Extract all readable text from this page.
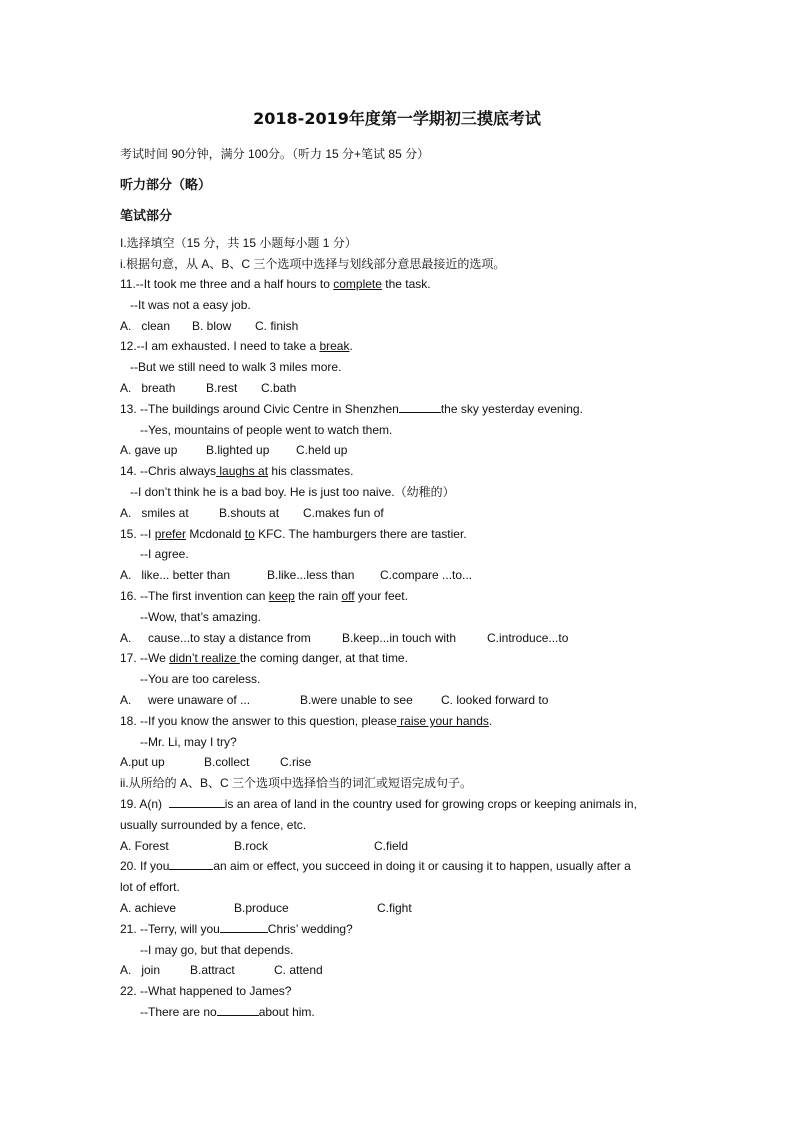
2018-2019年度第一学期初三摸底考试
考试时间 90分钟，满分 100分。（听力 15 分+笔试 85 分）
听力部分（略）
笔试部分
I.选择填空（15 分，共 15 小题每小题 1 分）
i.根据句意，从 A、B、C 三个选项中选择与划线部分意思最接近的选项。
11.--It took me three and a half hours to complete the task.
--It was not a easy job.
A.   clean B. blow C. finish
12.--I am exhausted. I need to take a break.
--But we still need to walk 3 miles more.
A.   breath	B.rest C.bath
13. --The buildings around Civic Centre in Shenzhen	the sky yesterday evening.
--Yes, mountains of people went to watch them.
A. gave up B.lighted up C.held up
14. --Chris always laughs at his classmates.
--I don’t think he is a bad boy. He is just too naive.（幼稚的）
A.   smiles at	B.shouts at C.makes fun of
15. --I prefer Mcdonald to KFC. The hamburgers there are tastier.
--I agree.
A.   like... better than	B.like...less than C.compare ...to...
16. --The first invention can keep the rain off your feet.
--Wow, that’s amazing.
A.     cause...to stay a distance from	B.keep...in touch with	C.introduce...to
17. --We didn’t realize the coming danger, at that time.
--You are too careless.
A.     were unaware of ...	B.were unable to see C. looked forward to
18. --If you know the answer to this question, please raise your hands.
--Mr. Li, may I try?
A.put up	B.collect	C.rise
ii.从所给的 A、B、C 三个选项中选择恰当的词汇或短语完成句子。
19. A(n)	is an area of land in the country used for growing crops or keeping animals in,
usually surrounded by a fence, etc.
A. Forest	B.rock	C.field
20. If you	an aim or effect, you succeed in doing it or causing it to happen, usually after a
lot of effort.
A. achieve	B.produce	C.fight
21. --Terry, will you	Chris’ wedding?
--I may go, but that depends.
A.   join B.attract	C. attend
22. --What happened to James?
--There are no	about him.
